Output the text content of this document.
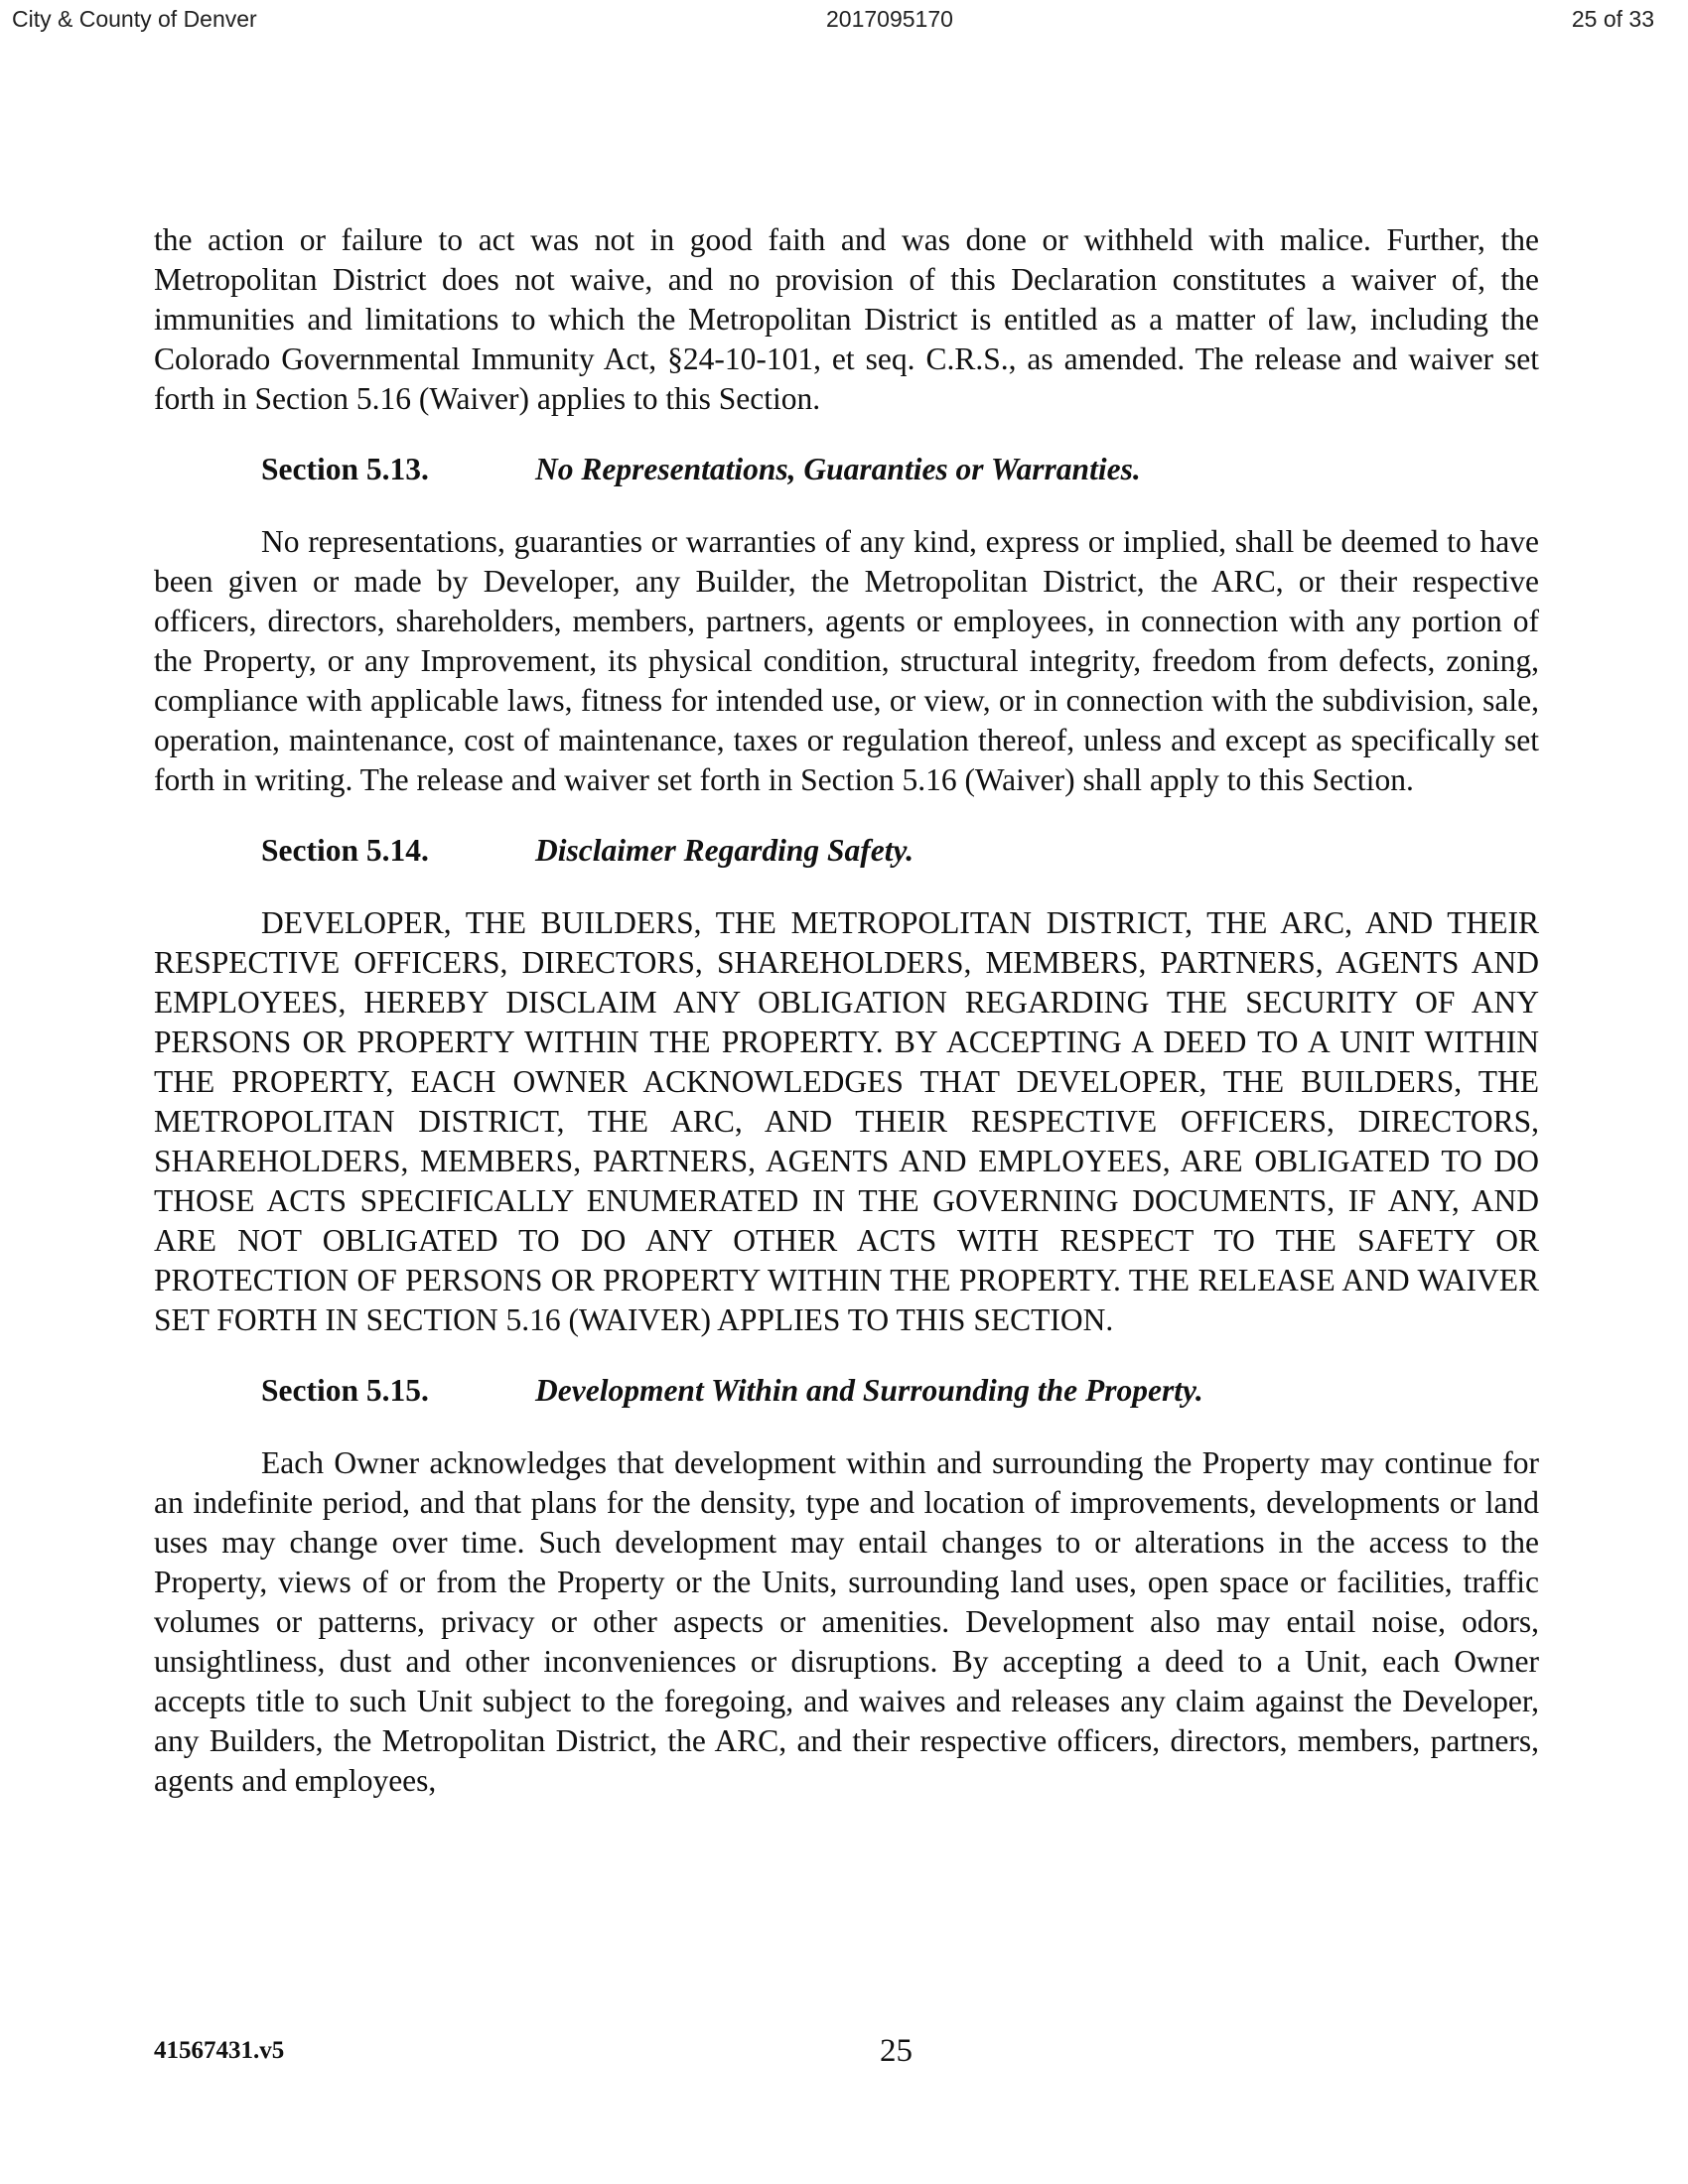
City & County of Denver	2017095170	25 of 33

the action or failure to act was not in good faith and was done or withheld with malice. Further, the Metropolitan District does not waive, and no provision of this Declaration constitutes a waiver of, the immunities and limitations to which the Metropolitan District is entitled as a matter of law, including the Colorado Governmental Immunity Act, §24-10-101, et seq. C.R.S., as amended. The release and waiver set forth in Section 5.16 (Waiver) applies to this Section.

Section 5.13.	No Representations, Guaranties or Warranties.

No representations, guaranties or warranties of any kind, express or implied, shall be deemed to have been given or made by Developer, any Builder, the Metropolitan District, the ARC, or their respective officers, directors, shareholders, members, partners, agents or employees, in connection with any portion of the Property, or any Improvement, its physical condition, structural integrity, freedom from defects, zoning, compliance with applicable laws, fitness for intended use, or view, or in connection with the subdivision, sale, operation, maintenance, cost of maintenance, taxes or regulation thereof, unless and except as specifically set forth in writing. The release and waiver set forth in Section 5.16 (Waiver) shall apply to this Section.

Section 5.14.	Disclaimer Regarding Safety.

DEVELOPER, THE BUILDERS, THE METROPOLITAN DISTRICT, THE ARC, AND THEIR RESPECTIVE OFFICERS, DIRECTORS, SHAREHOLDERS, MEMBERS, PARTNERS, AGENTS AND EMPLOYEES, HEREBY DISCLAIM ANY OBLIGATION REGARDING THE SECURITY OF ANY PERSONS OR PROPERTY WITHIN THE PROPERTY. BY ACCEPTING A DEED TO A UNIT WITHIN THE PROPERTY, EACH OWNER ACKNOWLEDGES THAT DEVELOPER, THE BUILDERS, THE METROPOLITAN DISTRICT, THE ARC, AND THEIR RESPECTIVE OFFICERS, DIRECTORS, SHAREHOLDERS, MEMBERS, PARTNERS, AGENTS AND EMPLOYEES, ARE OBLIGATED TO DO THOSE ACTS SPECIFICALLY ENUMERATED IN THE GOVERNING DOCUMENTS, IF ANY, AND ARE NOT OBLIGATED TO DO ANY OTHER ACTS WITH RESPECT TO THE SAFETY OR PROTECTION OF PERSONS OR PROPERTY WITHIN THE PROPERTY. THE RELEASE AND WAIVER SET FORTH IN SECTION 5.16 (WAIVER) APPLIES TO THIS SECTION.

Section 5.15.	Development Within and Surrounding the Property.

Each Owner acknowledges that development within and surrounding the Property may continue for an indefinite period, and that plans for the density, type and location of improvements, developments or land uses may change over time. Such development may entail changes to or alterations in the access to the Property, views of or from the Property or the Units, surrounding land uses, open space or facilities, traffic volumes or patterns, privacy or other aspects or amenities. Development also may entail noise, odors, unsightliness, dust and other inconveniences or disruptions. By accepting a deed to a Unit, each Owner accepts title to such Unit subject to the foregoing, and waives and releases any claim against the Developer, any Builders, the Metropolitan District, the ARC, and their respective officers, directors, members, partners, agents and employees,

41567431.v5	25
